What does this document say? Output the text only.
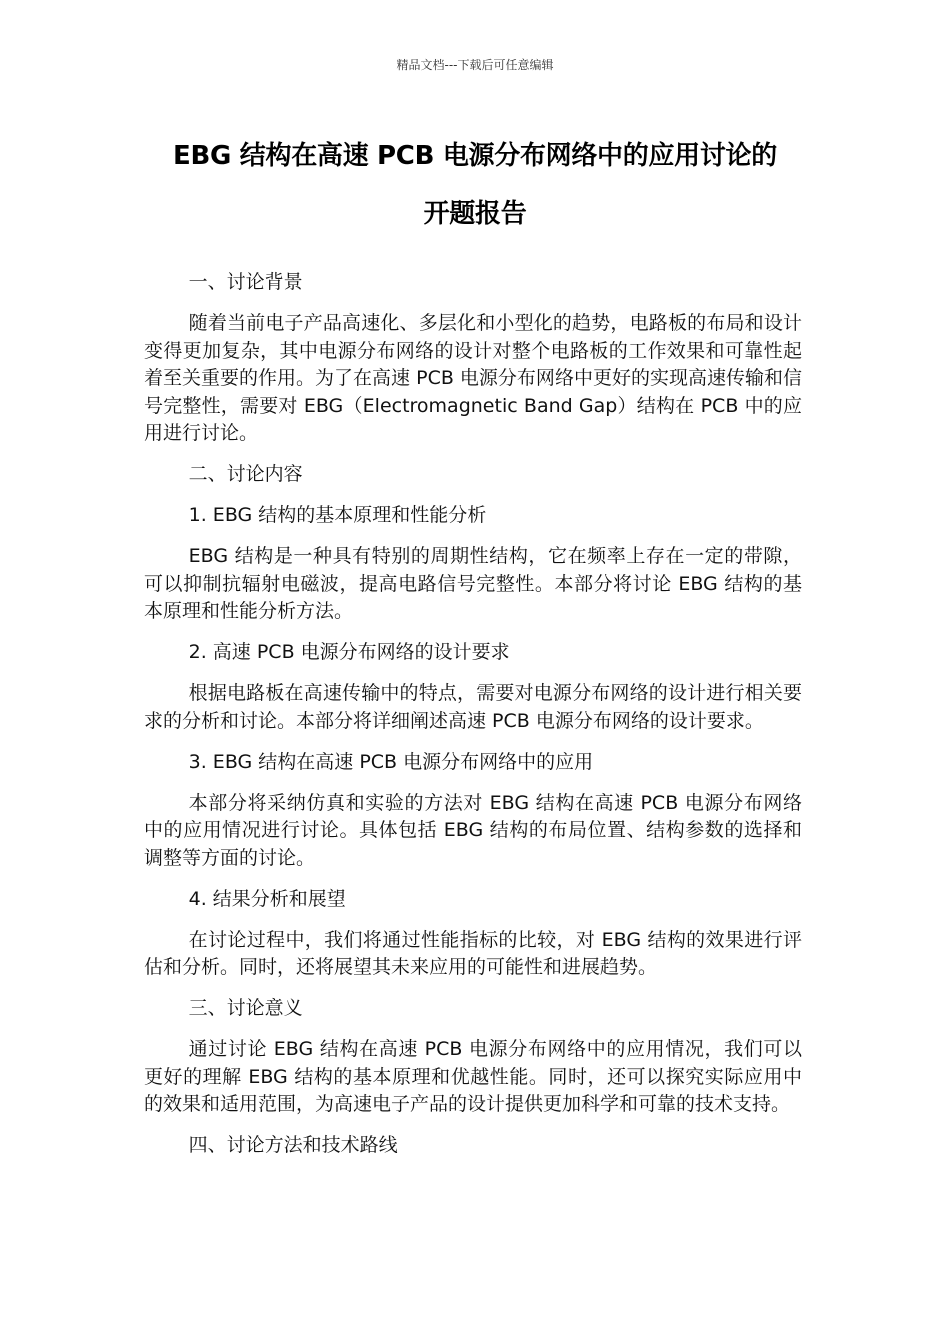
精品文档---下载后可任意编辑
EBG 结构在高速 PCB 电源分布网络中的应用讨论的
开题报告

一、讨论背景

随着当前电子产品高速化、多层化和小型化的趋势，电路板的布局和设计变得更加复杂，其中电源分布网络的设计对整个电路板的工作效果和可靠性起着至关重要的作用。为了在高速 PCB 电源分布网络中更好的实现高速传输和信号完整性，需要对 EBG（Electromagnetic Band Gap）结构在 PCB 中的应用进行讨论。

二、讨论内容

1. EBG 结构的基本原理和性能分析

EBG 结构是一种具有特别的周期性结构，它在频率上存在一定的带隙，可以抑制抗辐射电磁波，提高电路信号完整性。本部分将讨论 EBG 结构的基本原理和性能分析方法。

2. 高速 PCB 电源分布网络的设计要求

根据电路板在高速传输中的特点，需要对电源分布网络的设计进行相关要求的分析和讨论。本部分将详细阐述高速 PCB 电源分布网络的设计要求。

3. EBG 结构在高速 PCB 电源分布网络中的应用

本部分将采纳仿真和实验的方法对 EBG 结构在高速 PCB 电源分布网络中的应用情况进行讨论。具体包括 EBG 结构的布局位置、结构参数的选择和调整等方面的讨论。

4. 结果分析和展望

在讨论过程中，我们将通过性能指标的比较，对 EBG 结构的效果进行评估和分析。同时，还将展望其未来应用的可能性和进展趋势。

三、讨论意义

通过讨论 EBG 结构在高速 PCB 电源分布网络中的应用情况，我们可以更好的理解 EBG 结构的基本原理和优越性能。同时，还可以探究实际应用中的效果和适用范围，为高速电子产品的设计提供更加科学和可靠的技术支持。

四、讨论方法和技术路线
